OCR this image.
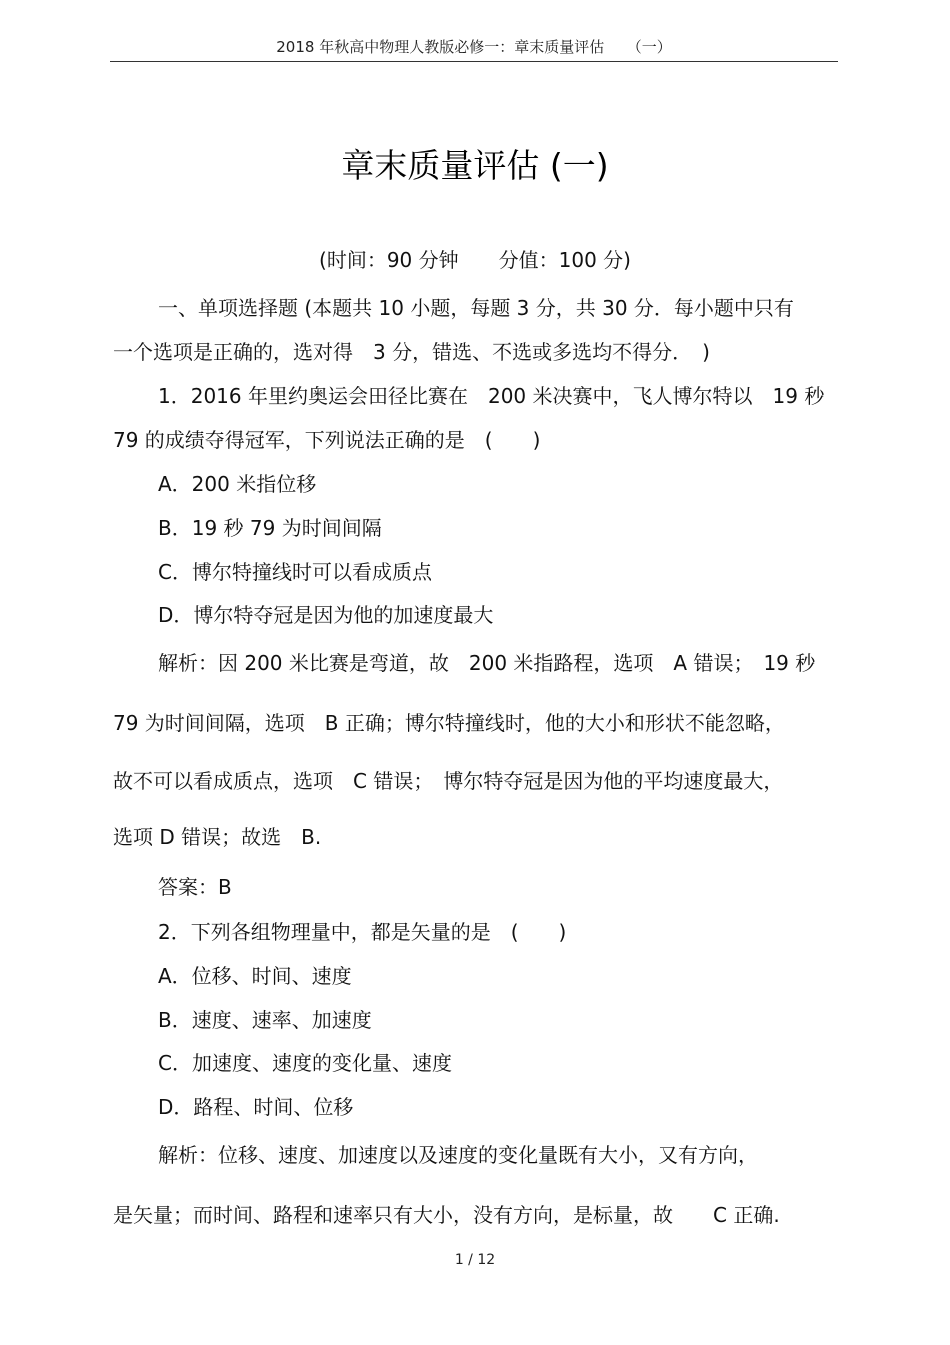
2018 年秋高中物理人教版必修一：章末质量评估　　（一）
章末质量评估 (一)
(时间：90 分钟　　分值：100 分)
一、单项选择题 (本题共 10 小题，每题 3 分，共 30 分．每小题中只有
一个选项是正确的，选对得　3 分，错选、不选或多选均不得分．　)
1．2016 年里约奥运会田径比赛在　200 米决赛中，飞人博尔特以　19 秒
79 的成绩夺得冠军，下列说法正确的是　(　　)
A．200 米指位移
B．19 秒 79 为时间间隔
C．博尔特撞线时可以看成质点
D．博尔特夺冠是因为他的加速度最大
解析：因 200 米比赛是弯道，故　200 米指路程，选项　A 错误；　19 秒
79 为时间间隔，选项　B 正确；博尔特撞线时，他的大小和形状不能忽略，
故不可以看成质点，选项　C 错误；　博尔特夺冠是因为他的平均速度最大，
选项 D 错误；故选　B.
答案：B
2．下列各组物理量中，都是矢量的是　(　　)
A．位移、时间、速度
B．速度、速率、加速度
C．加速度、速度的变化量、速度
D．路程、时间、位移
解析：位移、速度、加速度以及速度的变化量既有大小，又有方向，
是矢量；而时间、路程和速率只有大小，没有方向，是标量，故　　C 正确.
1 / 12
